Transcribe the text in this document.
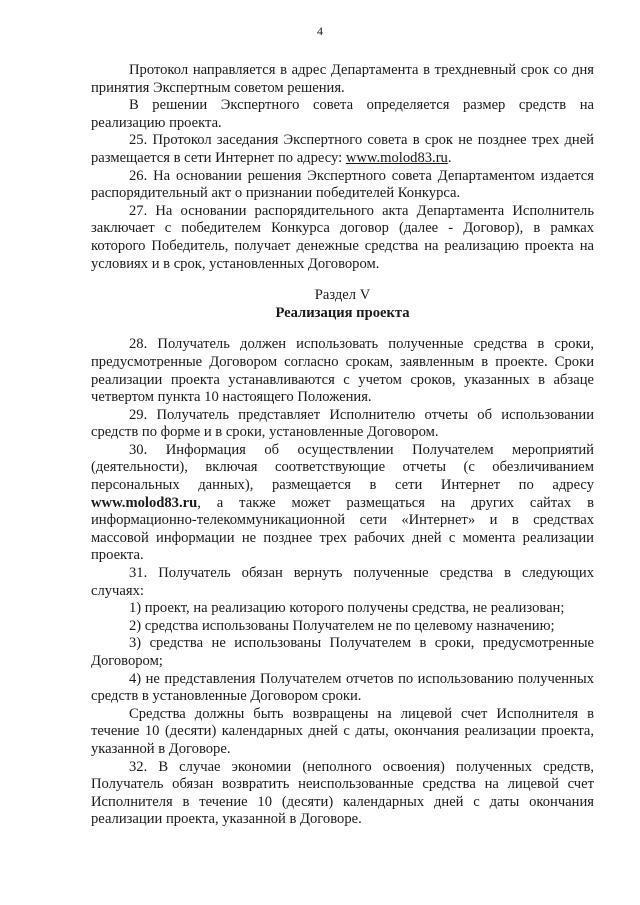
4

Протокол направляется в адрес Департамента в трехдневный срок со дня принятия Экспертным советом решения.

В решении Экспертного совета определяется размер средств на реализацию проекта.

25. Протокол заседания Экспертного совета в срок не позднее трех дней размещается в сети Интернет по адресу: www.molod83.ru.

26. На основании решения Экспертного совета Департаментом издается распорядительный акт о признании победителей Конкурса.

27. На основании распорядительного акта Департамента Исполнитель заключает с победителем Конкурса договор (далее - Договор), в рамках которого Победитель, получает денежные средства на реализацию проекта на условиях и в срок, установленных Договором.

Раздел V
Реализация проекта

28. Получатель должен использовать полученные средства в сроки, предусмотренные Договором согласно срокам, заявленным в проекте. Сроки реализации проекта устанавливаются с учетом сроков, указанных в абзаце четвертом пункта 10 настоящего Положения.

29. Получатель представляет Исполнителю отчеты об использовании средств по форме и в сроки, установленные Договором.

30. Информация об осуществлении Получателем мероприятий (деятельности), включая соответствующие отчеты (с обезличиванием персональных данных), размещается в сети Интернет по адресу www.molod83.ru, а также может размещаться на других сайтах в информационно-телекоммуникационной сети «Интернет» и в средствах массовой информации не позднее трех рабочих дней с момента реализации проекта.

31. Получатель обязан вернуть полученные средства в следующих случаях:

1) проект, на реализацию которого получены средства, не реализован;

2) средства использованы Получателем не по целевому назначению;

3) средства не использованы Получателем в сроки, предусмотренные Договором;

4) не представления Получателем отчетов по использованию полученных средств в установленные Договором сроки.

Средства должны быть возвращены на лицевой счет Исполнителя в течение 10 (десяти) календарных дней с даты, окончания реализации проекта, указанной в Договоре.

32. В случае экономии (неполного освоения) полученных средств, Получатель обязан возвратить неиспользованные средства на лицевой счет Исполнителя в течение 10 (десяти) календарных дней с даты окончания реализации проекта, указанной в Договоре.
